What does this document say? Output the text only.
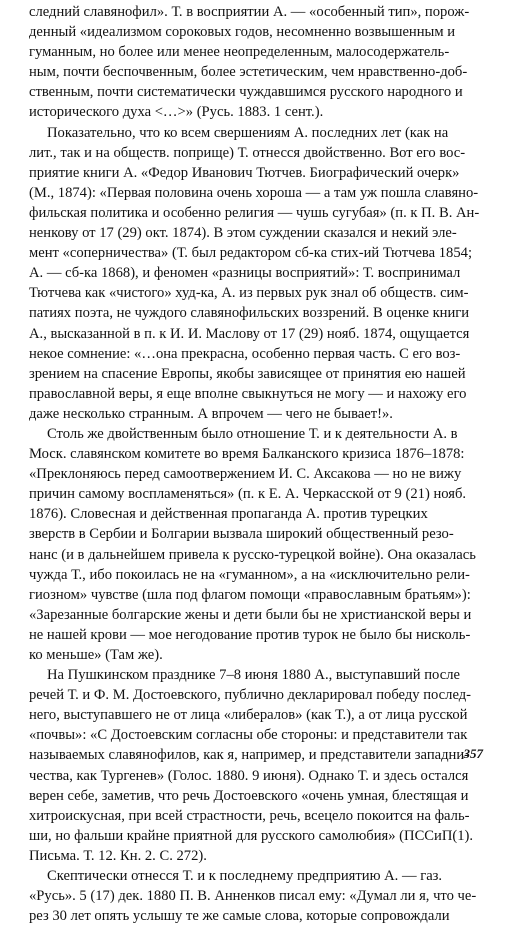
следний славянофил». Т. в восприятии А. — «особенный тип», порож-
денный «идеализмом сороковых годов, несомненно возвышенным и
гуманным, но более или менее неопределенным, малосодержатель-
ным, почти беспочвенным, более эстетическим, чем нравственно-доб-
ственным, почти систематически чуждавшимся русского народного и
исторического духа <…>» (Русь. 1883. 1 сент.).
Показательно, что ко всем свершениям А. последних лет (как на
лит., так и на обществ. поприще) Т. отнесся двойственно. Вот его вос-
приятие книги А. «Федор Иванович Тютчев. Биографический очерк»
(М., 1874): «Первая половина очень хороша — а там уж пошла славяно-
фильская политика и особенно религия — чушь сугубая» (п. к П. В. Ан-
ненкову от 17 (29) окт. 1874). В этом суждении сказался и некий эле-
мент «соперничества» (Т. был редактором сб-ка стих-ий Тютчева 1854;
А. — сб-ка 1868), и феномен «разницы восприятий»: Т. воспринимал
Тютчева как «чистого» худ-ка, А. из первых рук знал об обществ. сим-
патиях поэта, не чуждого славянофильских воззрений. В оценке книги
А., высказанной в п. к И. И. Маслову от 17 (29) нояб. 1874, ощущается
некое сомнение: «…она прекрасна, особенно первая часть. С его воз-
зрением на спасение Европы, якобы зависящее от принятия ею нашей
православной веры, я еще вполне свыкнуться не могу — и нахожу его
даже несколько странным. А впрочем — чего не бывает!».
Столь же двойственным было отношение Т. и к деятельности А. в
Моск. славянском комитете во время Балканского кризиса 1876–1878:
«Преклоняюсь перед самоотвержением И. С. Аксакова — но не вижу
причин самому воспламеняться» (п. к Е. А. Черкасской от 9 (21) нояб.
1876). Словесная и действенная пропаганда А. против турецких
зверств в Сербии и Болгарии вызвала широкий общественный резо-
нанс (и в дальнейшем привела к русско-турецкой войне). Она оказалась
чужда Т., ибо покоилась не на «гуманном», а на «исключительно рели-
гиозном» чувстве (шла под флагом помощи «православным братьям»):
«Зарезанные болгарские жены и дети были бы не христианской веры и
не нашей крови — мое негодование против турок не было бы нисколь-
ко меньше» (Там же).
На Пушкинском празднике 7–8 июня 1880 А., выступавший после
речей Т. и Ф. М. Достоевского, публично декларировал победу послед-
него, выступавшего не от лица «либералов» (как Т.), а от лица русской
«почвы»: «С Достоевским согласны обе стороны: и представители так
называемых славянофилов, как я, например, и представители западни-
чества, как Тургенев» (Голос. 1880. 9 июня). Однако Т. и здесь остался
верен себе, заметив, что речь Достоевского «очень умная, блестящая и
хитроискусная, при всей страстности, речь, всецело покоится на фаль-
ши, но фальши крайне приятной для русского самолюбия» (ПССиП(1).
Письма. Т. 12. Кн. 2. С. 272).
Скептически отнесся Т. и к последнему предприятию А. — газ.
«Русь». 5 (17) дек. 1880 П. В. Анненков писал ему: «Думал ли я, что че-
рез 30 лет опять услышу те же самые слова, которые сопровождали
357
